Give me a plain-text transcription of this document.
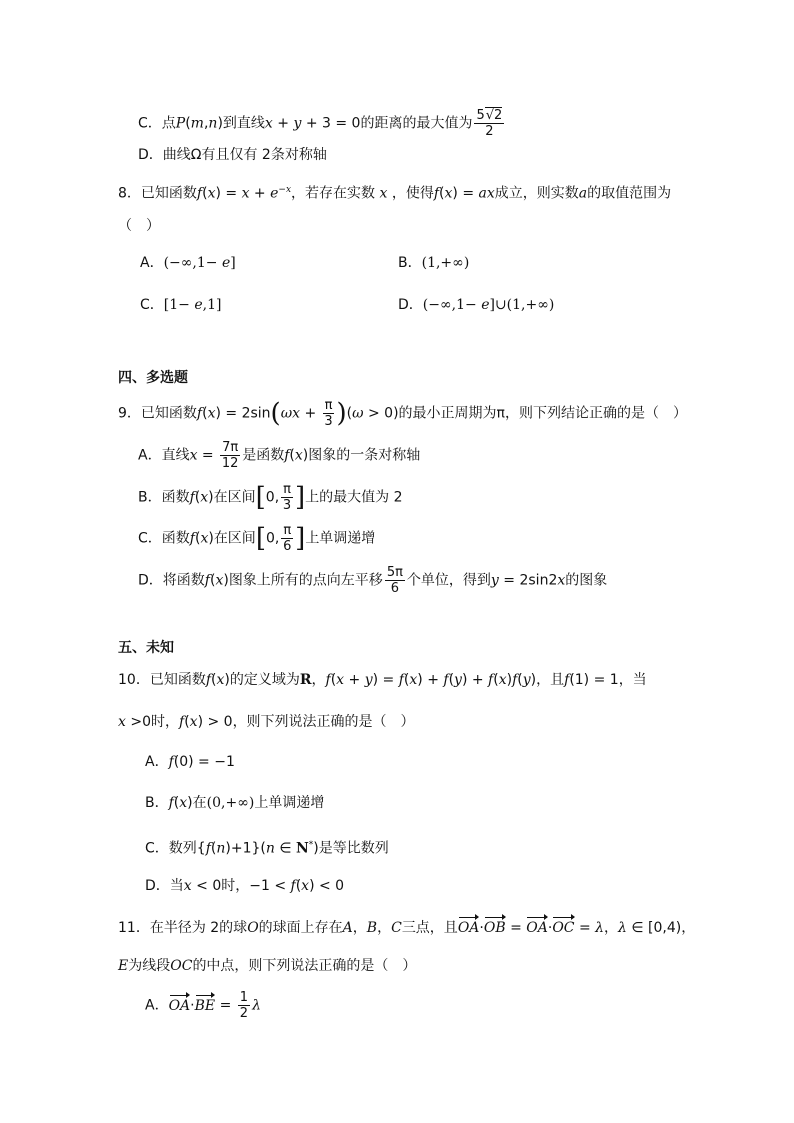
C．点P(m,n)到直线x + y + 3 = 0的距离的最大值为 $\frac{5√2}{2}$
D．曲线Ω有且仅有 2条对称轴
8．已知函数$f(x) = x + e^{-x}$，若存在实数 x ，使得f(x) = ax成立，则实数a的取值范围为
（　）
A．(−∞,1− e]	B．(1,+∞)
C．[1− e,1]	D．(−∞,1− e]∪(1,+∞)
四、多选题
9．已知函数$f(x) = 2\sin(\omega x + \frac{\pi}{3} )(\omega > 0)$的最小正周期为π，则下列结论正确的是（　）
A．直线$x = \frac{7\pi}{12}$ 是函数f(x)图象的一条对称轴
B．函数f(x)在区间[0, $\frac{\pi}{3}$ ]上的最大值为 2
C．函数f(x)在区间[0, $\frac{\pi}{6}$ ]上单调递增
D．将函数f(x)图象上所有的点向左平移 $\frac{5\pi}{6}$ 个单位，得到y = 2sin2x的图象
五、未知
10．已知函数f(x)的定义域为R，f(x + y) = f(x) + f(y) + f(x)f(y)，且f(1) = 1，当
x >0时，f(x) > 0，则下列说法正确的是（　）
A．f(0) = −1
B．f(x)在(0,+∞)上单调递增
C．数列{f(n)+1}(n ∈ N*)是等比数列
D．当x < 0时，−1 < f(x) < 0
11．在半径为 2的球O的球面上存在A，B，C三点，且OA·OB = OA·OC = λ，λ ∈ [0,4)，
E为线段OC的中点，则下列说法正确的是（　）
A．$OA\cdot BE = \frac{1}{2}$ λ
